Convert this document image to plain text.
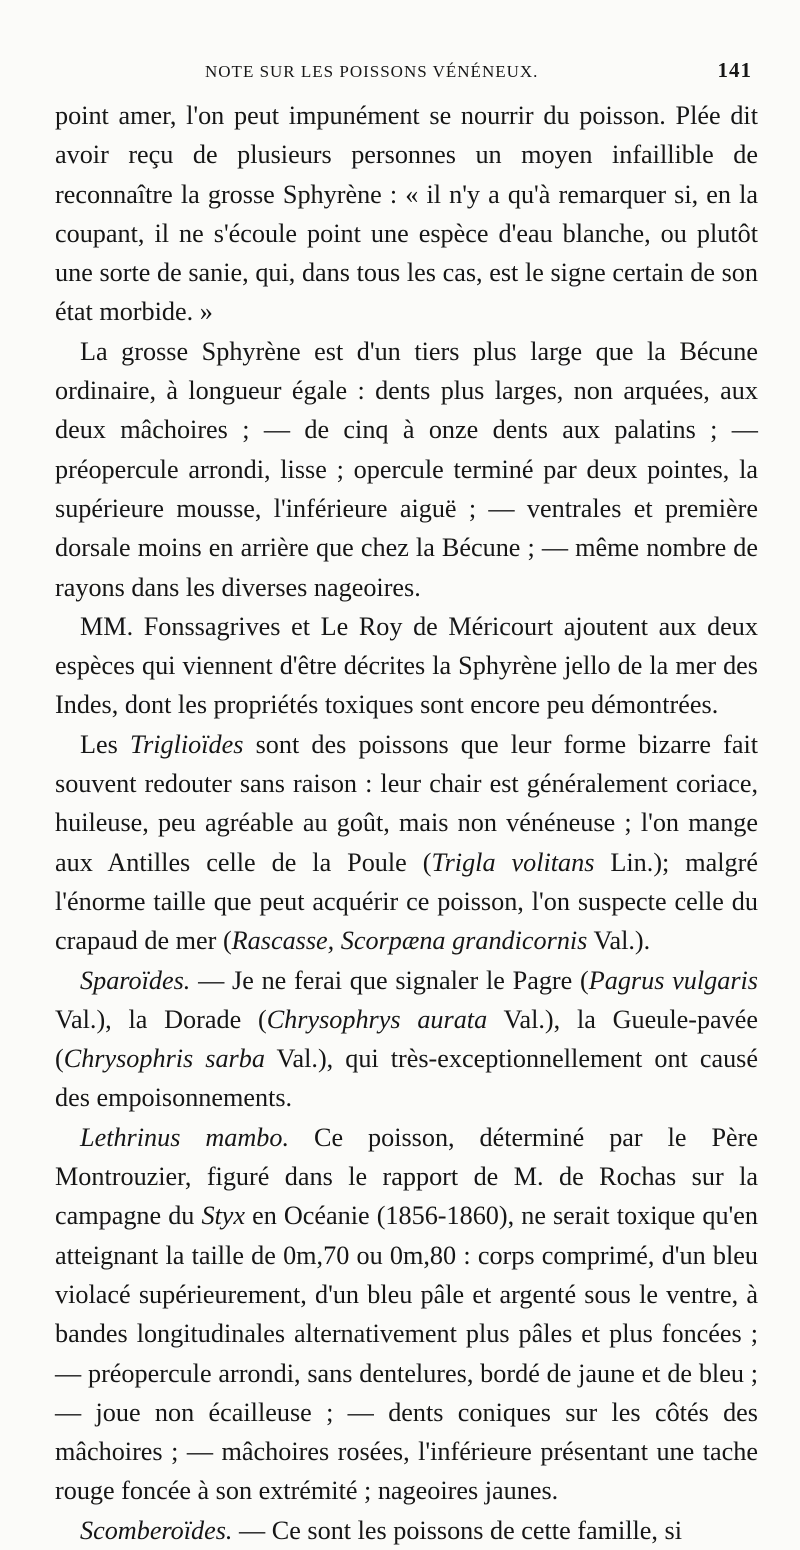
NOTE SUR LES POISSONS VÉNÉNEUX.	141

point amer, l'on peut impunément se nourrir du poisson. Plée dit avoir reçu de plusieurs personnes un moyen infaillible de reconnaître la grosse Sphyrène : « il n'y a qu'à remarquer si, en la coupant, il ne s'écoule point une espèce d'eau blanche, ou plutôt une sorte de sanie, qui, dans tous les cas, est le signe certain de son état morbide. »

La grosse Sphyrène est d'un tiers plus large que la Bécune ordinaire, à longueur égale : dents plus larges, non arquées, aux deux mâchoires ; — de cinq à onze dents aux palatins ; — préopercule arrondi, lisse ; opercule terminé par deux pointes, la supérieure mousse, l'inférieure aiguë ; — ventrales et première dorsale moins en arrière que chez la Bécune ; — même nombre de rayons dans les diverses nageoires.

MM. Fonssagrives et Le Roy de Méricourt ajoutent aux deux espèces qui viennent d'être décrites la Sphyrène jello de la mer des Indes, dont les propriétés toxiques sont encore peu démontrées.

Les Triglioïdes sont des poissons que leur forme bizarre fait souvent redouter sans raison : leur chair est généralement coriace, huileuse, peu agréable au goût, mais non vénéneuse ; l'on mange aux Antilles celle de la Poule (Trigla volitans Lin.); malgré l'énorme taille que peut acquérir ce poisson, l'on suspecte celle du crapaud de mer (Rascasse, Scorpæna grandicornis Val.).

Sparoïdes. — Je ne ferai que signaler le Pagre (Pagrus vulgaris Val.), la Dorade (Chrysophrys aurata Val.), la Gueule-pavée (Chrysophris sarba Val.), qui très-exceptionnellement ont causé des empoisonnements.

Lethrinus mambo. Ce poisson, déterminé par le Père Montrouzier, figuré dans le rapport de M. de Rochas sur la campagne du Styx en Océanie (1856-1860), ne serait toxique qu'en atteignant la taille de 0m,70 ou 0m,80 : corps comprimé, d'un bleu violacé supérieurement, d'un bleu pâle et argenté sous le ventre, à bandes longitudinales alternativement plus pâles et plus foncées ; — préopercule arrondi, sans dentelures, bordé de jaune et de bleu ; — joue non écailleuse ; — dents coniques sur les côtés des mâchoires ; — mâchoires rosées, l'inférieure présentant une tache rouge foncée à son extrémité ; nageoires jaunes.

Scomberoïdes. — Ce sont les poissons de cette famille, si
